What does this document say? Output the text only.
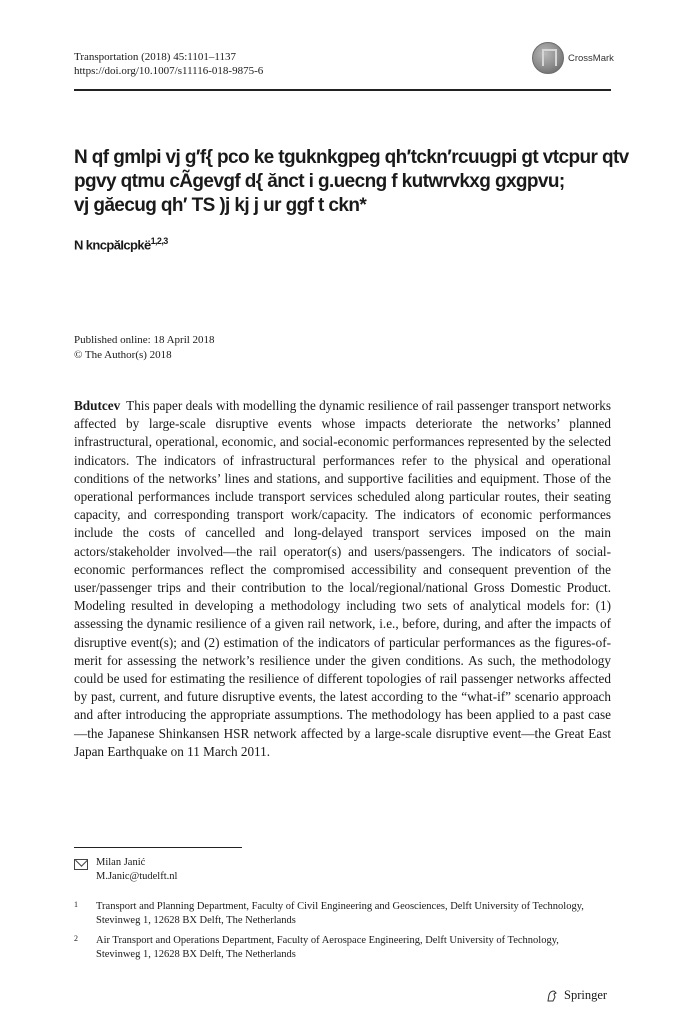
Transportation (2018) 45:1101–1137
https://doi.org/10.1007/s11116-018-9875-6
CrossMark
N qf gmlpi vj g′f{ pco ke tguknkgpeg qh′tckn′rcuugpi gt vtcpur qtv
pgvy qtmu cÃgevgf d{ ănct i g.uecng f kutwrvkxg gxgpvu;
vj găecug qh′ TS )j kj j ur ggf t ckn*
N kncpăIcpkë$^{1,2,3}$
Published online: 18 April 2018
© The Author(s) 2018
Bdutcev This paper deals with modelling the dynamic resilience of rail passenger transport networks affected by large-scale disruptive events whose impacts deteriorate the networks’ planned infrastructural, operational, economic, and social-economic performances represented by the selected indicators. The indicators of infrastructural performances refer to the physical and operational conditions of the networks’ lines and stations, and supportive facilities and equipment. Those of the operational performances include transport services scheduled along particular routes, their seating capacity, and corresponding transport work/capacity. The indicators of economic performances include the costs of cancelled and long-delayed transport services imposed on the main actors/stakeholder involved—the rail operator(s) and users/passengers. The indicators of social-economic performances reflect the compromised accessibility and consequent prevention of the user/passenger trips and their contribution to the local/regional/national Gross Domestic Product. Modeling resulted in developing a methodology including two sets of analytical models for: (1) assessing the dynamic resilience of a given rail network, i.e., before, during, and after the impacts of disruptive event(s); and (2) estimation of the indicators of particular performances as the figures-of-merit for assessing the network’s resilience under the given conditions. As such, the methodology could be used for estimating the resilience of different topologies of rail passenger networks affected by past, current, and future disruptive events, the latest according to the “what-if” scenario approach and after introducing the appropriate assumptions. The methodology has been applied to a past case—the Japanese Shinkansen HSR network affected by a large-scale disruptive event—the Great East Japan Earthquake on 11 March 2011.
Milan Janić
M.Janic@tudelft.nl
1	Transport and Planning Department, Faculty of Civil Engineering and Geosciences, Delft University of Technology, Stevinweg 1, 12628 BX Delft, The Netherlands
2	Air Transport and Operations Department, Faculty of Aerospace Engineering, Delft University of Technology, Stevinweg 1, 12628 BX Delft, The Netherlands
Springer
